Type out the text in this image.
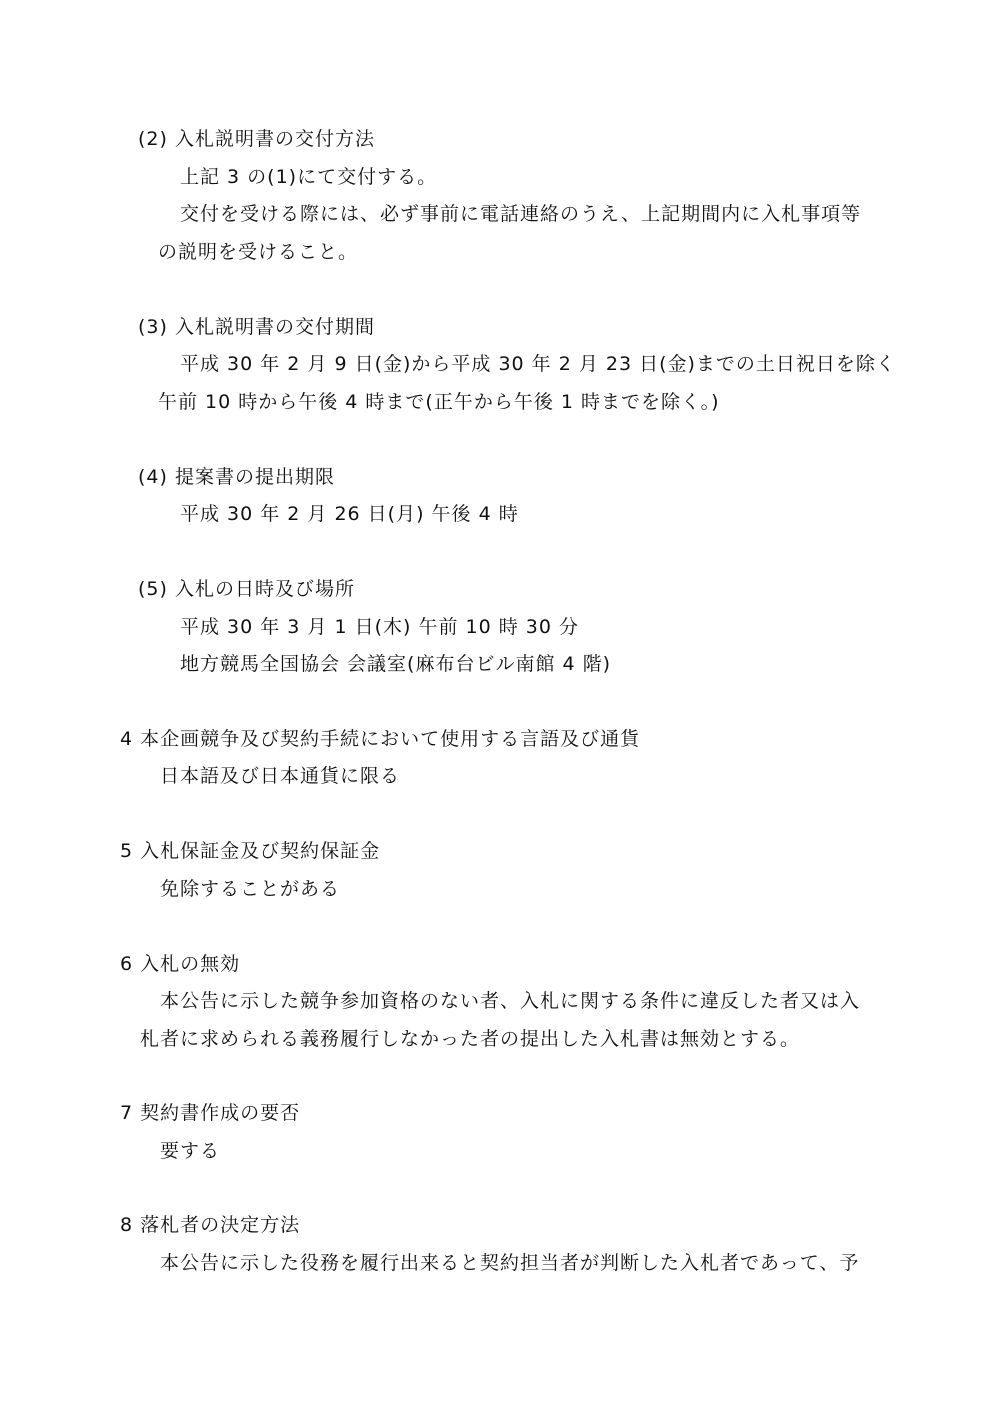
(2) 入札説明書の交付方法
上記 3 の(1)にて交付する。
交付を受ける際には、必ず事前に電話連絡のうえ、上記期間内に入札事項等
の説明を受けること。
(3) 入札説明書の交付期間
平成 30 年 2 月 9 日(金)から平成 30 年 2 月 23 日(金)までの土日祝日を除く
午前 10 時から午後 4 時まで(正午から午後 1 時までを除く。)
(4) 提案書の提出期限
平成 30 年 2 月 26 日(月) 午後 4 時
(5) 入札の日時及び場所
平成 30 年 3 月 1 日(木) 午前 10 時 30 分
地方競馬全国協会 会議室(麻布台ビル南館 4 階)
4 本企画競争及び契約手続において使用する言語及び通貨
日本語及び日本通貨に限る
5 入札保証金及び契約保証金
免除することがある
6 入札の無効
本公告に示した競争参加資格のない者、入札に関する条件に違反した者又は入
札者に求められる義務履行しなかった者の提出した入札書は無効とする。
7 契約書作成の要否
要する
8 落札者の決定方法
本公告に示した役務を履行出来ると契約担当者が判断した入札者であって、予
